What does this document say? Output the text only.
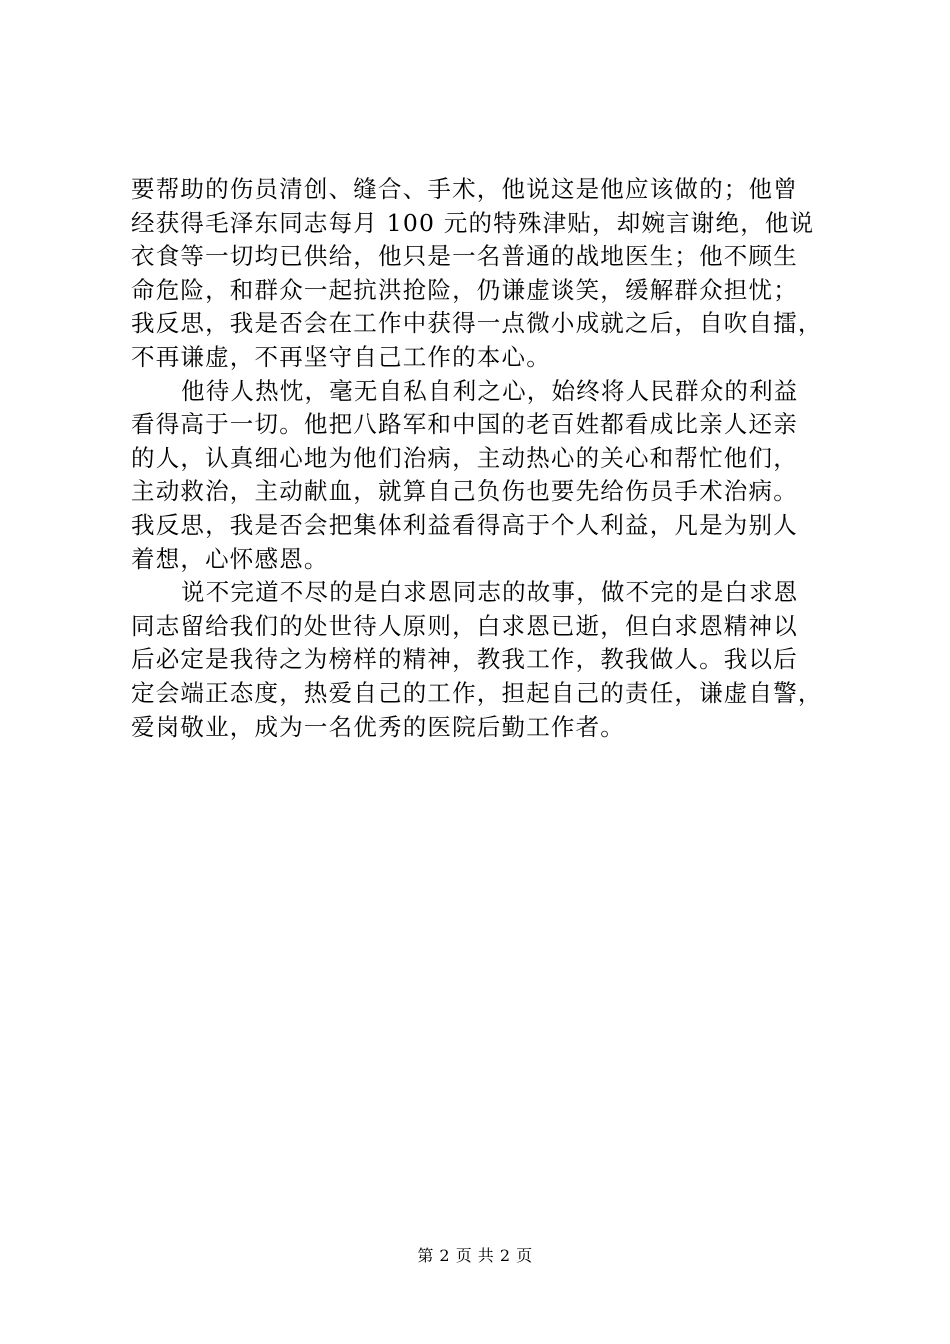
要帮助的伤员清创、缝合、手术，他说这是他应该做的；他曾
经获得毛泽东同志每月 100 元的特殊津贴，却婉言谢绝，他说
衣食等一切均已供给，他只是一名普通的战地医生；他不顾生
命危险，和群众一起抗洪抢险，仍谦虚谈笑，缓解群众担忧；
我反思，我是否会在工作中获得一点微小成就之后，自吹自擂，
不再谦虚，不再坚守自己工作的本心。
他待人热忱，毫无自私自利之心，始终将人民群众的利益
看得高于一切。他把八路军和中国的老百姓都看成比亲人还亲
的人，认真细心地为他们治病，主动热心的关心和帮忙他们，
主动救治，主动献血，就算自己负伤也要先给伤员手术治病。
我反思，我是否会把集体利益看得高于个人利益，凡是为别人
着想，心怀感恩。
说不完道不尽的是白求恩同志的故事，做不完的是白求恩
同志留给我们的处世待人原则，白求恩已逝，但白求恩精神以
后必定是我待之为榜样的精神，教我工作，教我做人。我以后
定会端正态度，热爱自己的工作，担起自己的责任，谦虚自警，
爱岗敬业，成为一名优秀的医院后勤工作者。
第 2 页 共 2 页
